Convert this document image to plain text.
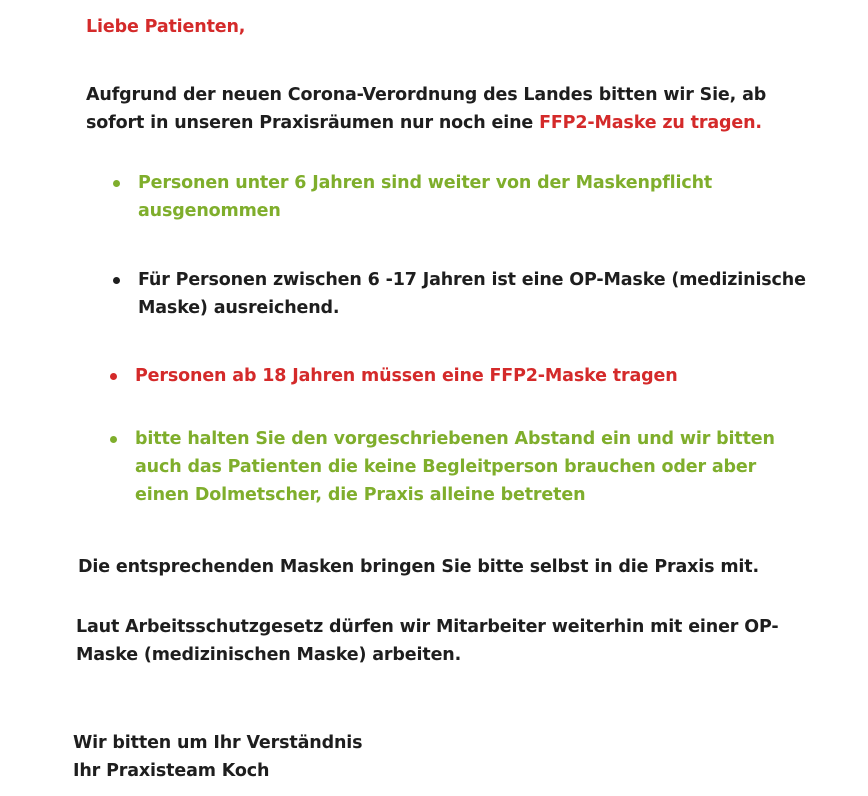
Liebe Patienten,

Aufgrund der neuen Corona-Verordnung des Landes bitten wir Sie, ab
sofort in unseren Praxisräumen nur noch eine FFP2-Maske zu tragen.

Personen unter 6 Jahren sind weiter von der Maskenpflicht
ausgenommen
Für Personen zwischen 6 -17 Jahren ist eine OP-Maske (medizinische
Maske) ausreichend.
Personen ab 18 Jahren müssen eine FFP2-Maske tragen
bitte halten Sie den vorgeschriebenen Abstand ein und wir bitten
auch das Patienten die keine Begleitperson brauchen oder aber
einen Dolmetscher, die Praxis alleine betreten

Die entsprechenden Masken bringen Sie bitte selbst in die Praxis mit.

Laut Arbeitsschutzgesetz dürfen wir Mitarbeiter weiterhin mit einer OP-
Maske (medizinischen Maske) arbeiten.

Wir bitten um Ihr Verständnis
Ihr Praxisteam Koch
